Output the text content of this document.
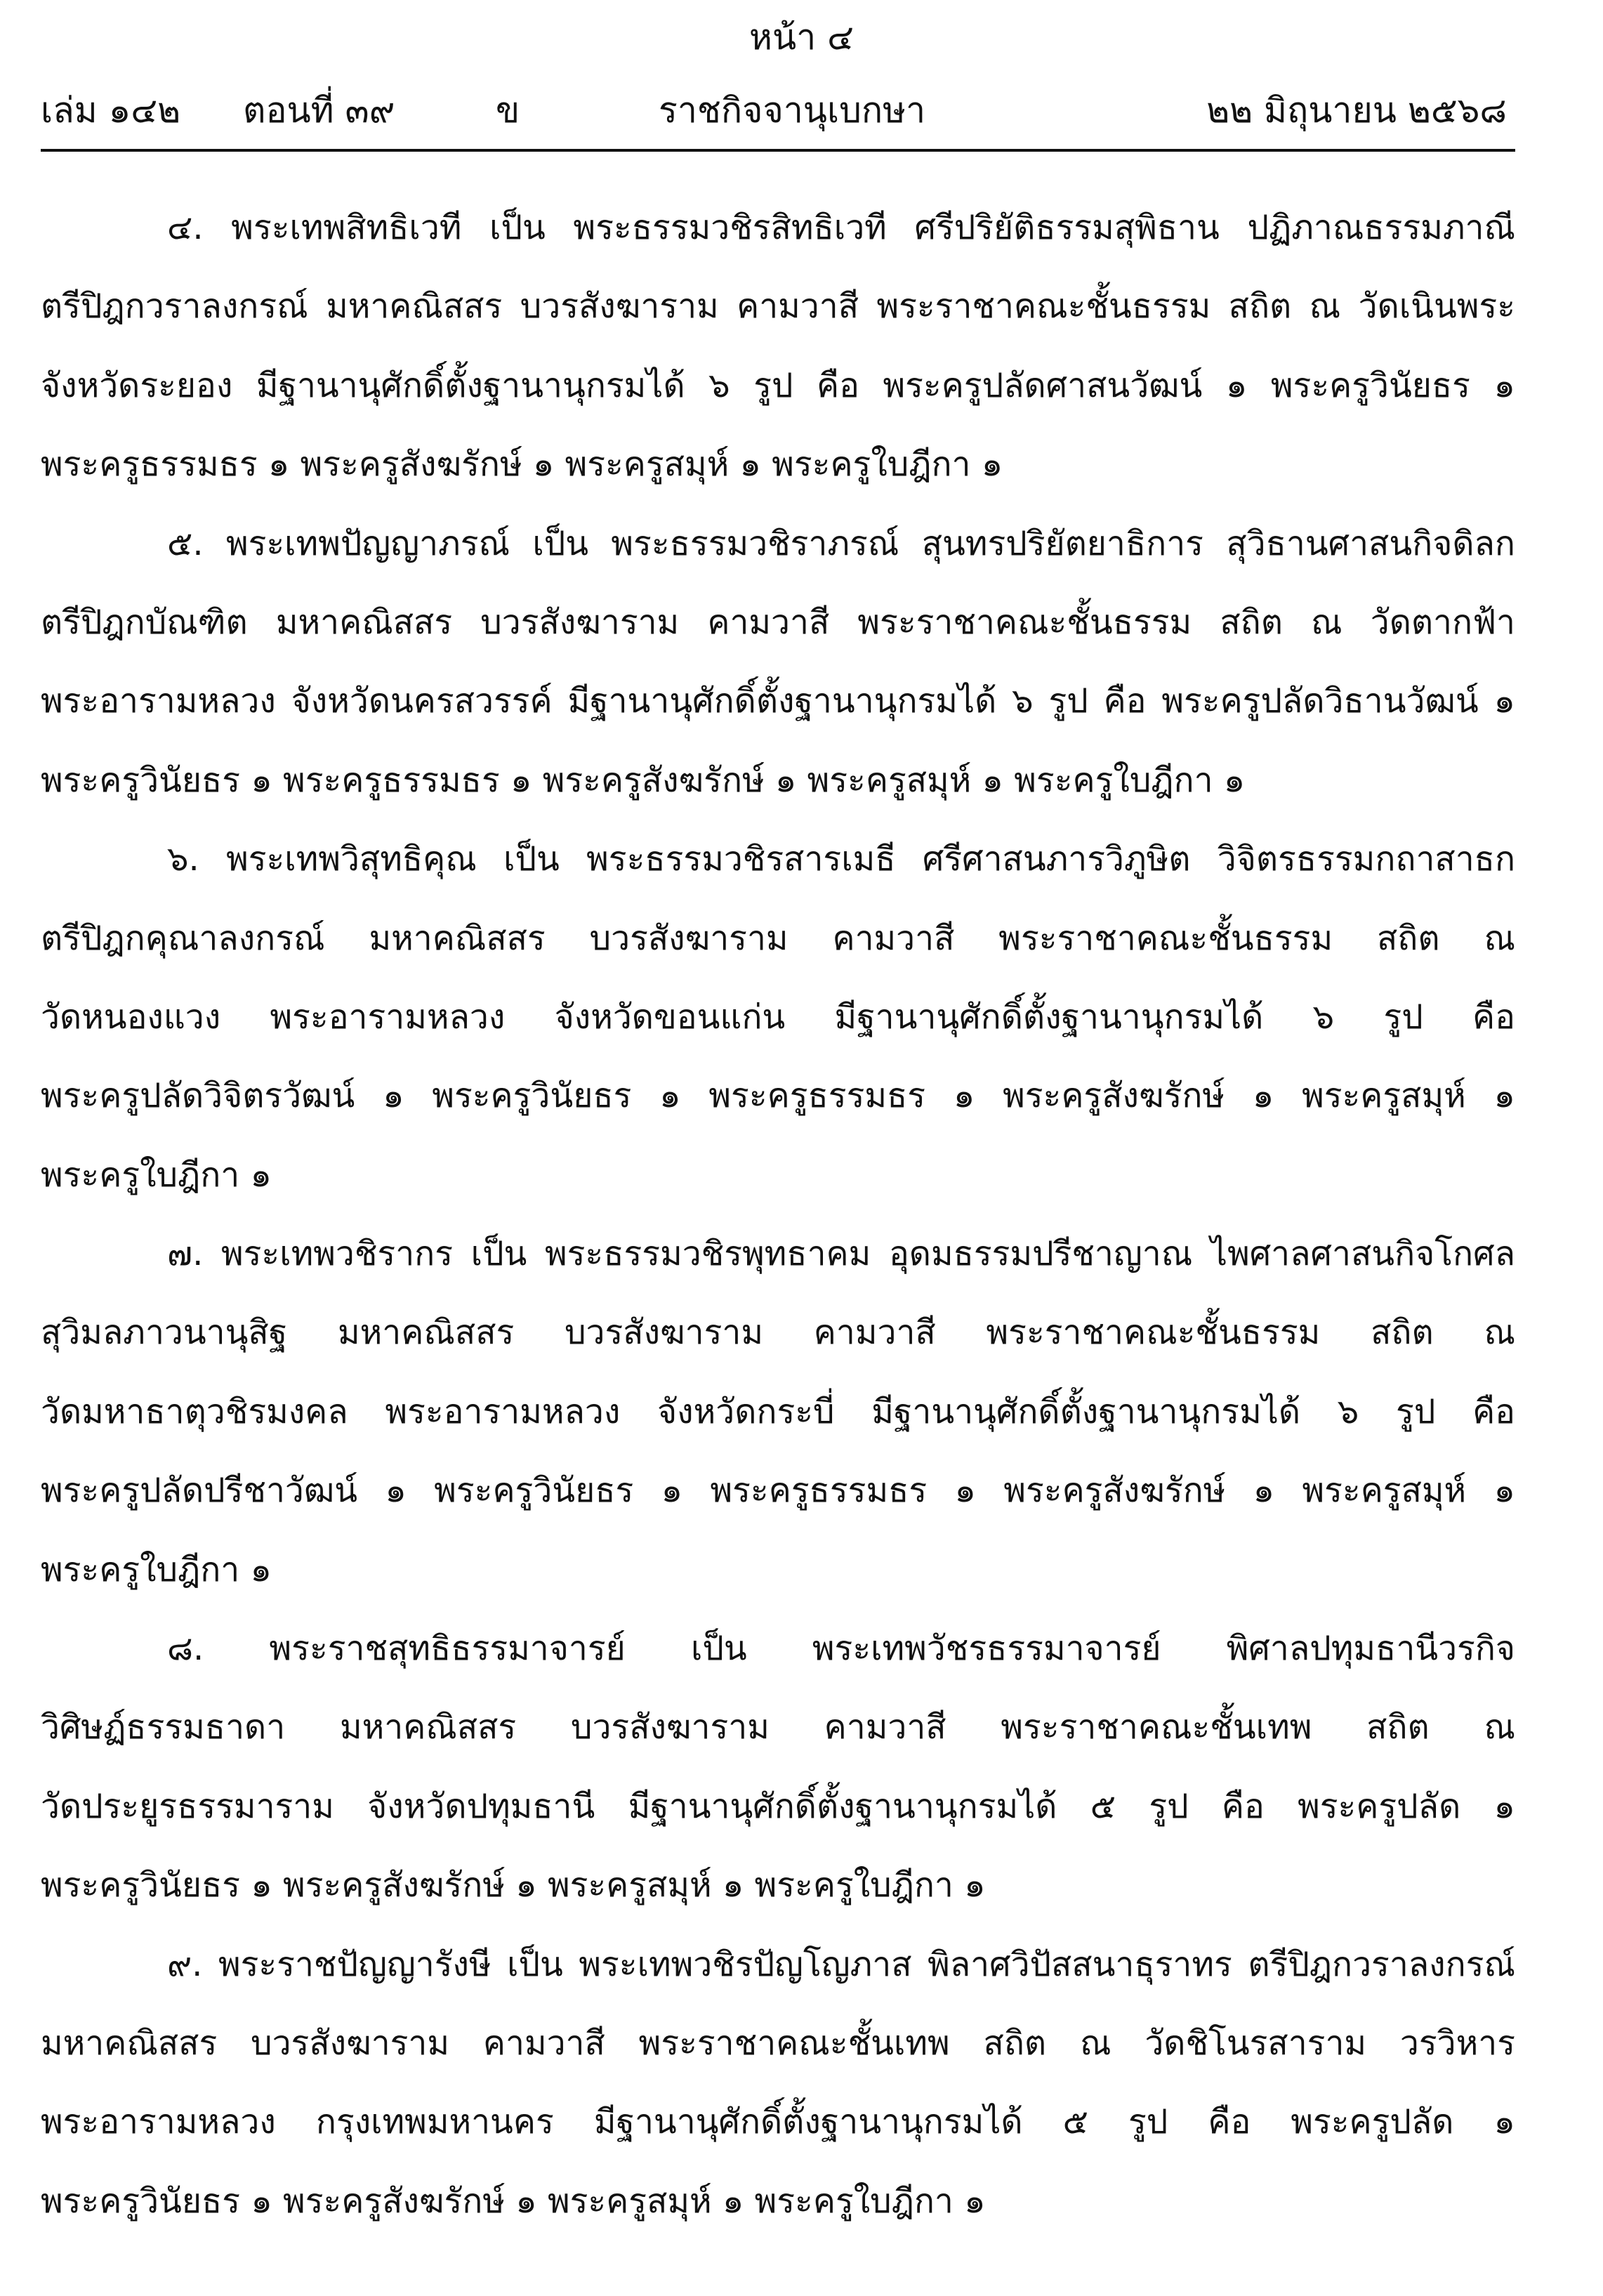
หน้า ๔
เล่ม ๑๔๒ ตอนที่ ๓๙	ข	ราชกิจจานุเบกษา	๒๒ มิถุนายน ๒๕๖๘
๔. พระเทพสิทธิเวที เป็น พระธรรมวชิรสิทธิเวที ศรีปริยัติธรรมสุพิธาน ปฏิภาณธรรมภาณี
ตรีปิฎกวราลงกรณ์ มหาคณิสสร บวรสังฆาราม คามวาสี พระราชาคณะชั้นธรรม สถิต ณ วัดเนินพระ
จังหวัดระยอง มีฐานานุศักดิ์ตั้งฐานานุกรมได้ ๖ รูป คือ พระครูปลัดศาสนวัฒน์ ๑ พระครูวินัยธร ๑
พระครูธรรมธร ๑ พระครูสังฆรักษ์ ๑ พระครูสมุห์ ๑ พระครูใบฎีกา ๑
๕. พระเทพปัญญาภรณ์ เป็น พระธรรมวชิราภรณ์ สุนทรปริยัตยาธิการ สุวิธานศาสนกิจดิลก
ตรีปิฎกบัณฑิต มหาคณิสสร บวรสังฆาราม คามวาสี พระราชาคณะชั้นธรรม สถิต ณ วัดตากฟ้า
พระอารามหลวง จังหวัดนครสวรรค์ มีฐานานุศักดิ์ตั้งฐานานุกรมได้ ๖ รูป คือ พระครูปลัดวิธานวัฒน์ ๑
พระครูวินัยธร ๑ พระครูธรรมธร ๑ พระครูสังฆรักษ์ ๑ พระครูสมุห์ ๑ พระครูใบฎีกา ๑
๖. พระเทพวิสุทธิคุณ เป็น พระธรรมวชิรสารเมธี ศรีศาสนภารวิภูษิต วิจิตรธรรมกถาสาธก
ตรีปิฎกคุณาลงกรณ์ มหาคณิสสร บวรสังฆาราม คามวาสี พระราชาคณะชั้นธรรม สถิต ณ
วัดหนองแวง พระอารามหลวง จังหวัดขอนแก่น มีฐานานุศักดิ์ตั้งฐานานุกรมได้ ๖ รูป คือ
พระครูปลัดวิจิตรวัฒน์ ๑ พระครูวินัยธร ๑ พระครูธรรมธร ๑ พระครูสังฆรักษ์ ๑ พระครูสมุห์ ๑
พระครูใบฎีกา ๑
๗. พระเทพวชิรากร เป็น พระธรรมวชิรพุทธาคม อุดมธรรมปรีชาญาณ ไพศาลศาสนกิจโกศล
สุวิมลภาวนานุสิฐ มหาคณิสสร บวรสังฆาราม คามวาสี พระราชาคณะชั้นธรรม สถิต ณ
วัดมหาธาตุวชิรมงคล พระอารามหลวง จังหวัดกระบี่ มีฐานานุศักดิ์ตั้งฐานานุกรมได้ ๖ รูป คือ
พระครูปลัดปรีชาวัฒน์ ๑ พระครูวินัยธร ๑ พระครูธรรมธร ๑ พระครูสังฆรักษ์ ๑ พระครูสมุห์ ๑
พระครูใบฎีกา ๑
๘. พระราชสุทธิธรรมาจารย์ เป็น พระเทพวัชรธรรมาจารย์ พิศาลปทุมธานีวรกิจ
วิศิษฏ์ธรรมธาดา มหาคณิสสร บวรสังฆาราม คามวาสี พระราชาคณะชั้นเทพ สถิต ณ
วัดประยูรธรรมาราม จังหวัดปทุมธานี มีฐานานุศักดิ์ตั้งฐานานุกรมได้ ๕ รูป คือ พระครูปลัด ๑
พระครูวินัยธร ๑ พระครูสังฆรักษ์ ๑ พระครูสมุห์ ๑ พระครูใบฎีกา ๑
๙. พระราชปัญญารังษี เป็น พระเทพวชิรปัญโญภาส พิลาศวิปัสสนาธุราทร ตรีปิฎกวราลงกรณ์
มหาคณิสสร บวรสังฆาราม คามวาสี พระราชาคณะชั้นเทพ สถิต ณ วัดชิโนรสาราม วรวิหาร
พระอารามหลวง กรุงเทพมหานคร มีฐานานุศักดิ์ตั้งฐานานุกรมได้ ๕ รูป คือ พระครูปลัด ๑
พระครูวินัยธร ๑ พระครูสังฆรักษ์ ๑ พระครูสมุห์ ๑ พระครูใบฎีกา ๑
